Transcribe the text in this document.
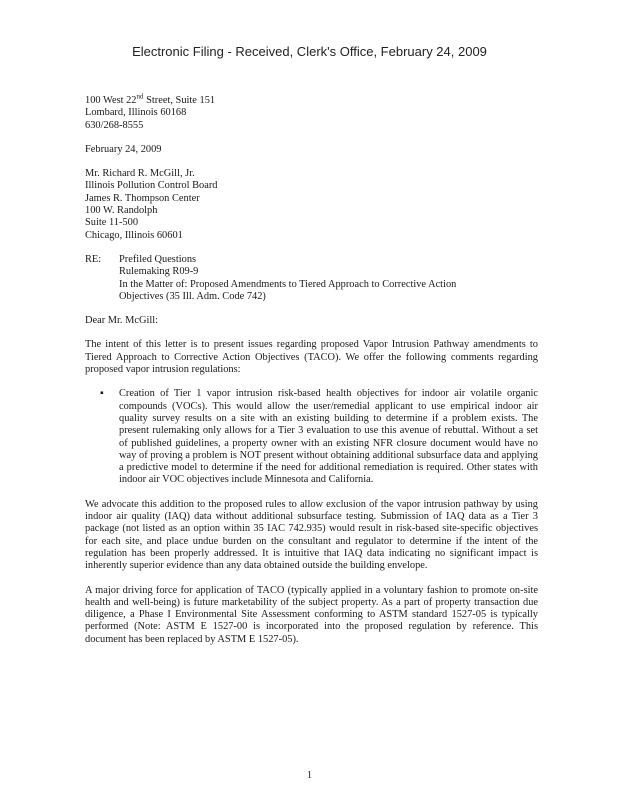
Electronic Filing - Received, Clerk's Office, February 24, 2009
100 West 22nd Street, Suite 151
Lombard, Illinois 60168
630/268-8555
February 24, 2009
Mr. Richard R. McGill, Jr.
Illinois Pollution Control Board
James R. Thompson Center
100 W. Randolph
Suite 11-500
Chicago, Illinois 60601
RE:	Prefiled Questions
Rulemaking R09-9
In the Matter of: Proposed Amendments to Tiered Approach to Corrective Action
Objectives (35 Ill. Adm. Code 742)
Dear Mr. McGill:
The intent of this letter is to present issues regarding proposed Vapor Intrusion Pathway amendments to Tiered Approach to Corrective Action Objectives (TACO). We offer the following comments regarding proposed vapor intrusion regulations:
▪ Creation of Tier 1 vapor intrusion risk-based health objectives for indoor air volatile organic compounds (VOCs). This would allow the user/remedial applicant to use empirical indoor air quality survey results on a site with an existing building to determine if a problem exists. The present rulemaking only allows for a Tier 3 evaluation to use this avenue of rebuttal. Without a set of published guidelines, a property owner with an existing NFR closure document would have no way of proving a problem is NOT present without obtaining additional subsurface data and applying a predictive model to determine if the need for additional remediation is required. Other states with indoor air VOC objectives include Minnesota and California.
We advocate this addition to the proposed rules to allow exclusion of the vapor intrusion pathway by using indoor air quality (IAQ) data without additional subsurface testing. Submission of IAQ data as a Tier 3 package (not listed as an option within 35 IAC 742.935) would result in risk-based site-specific objectives for each site, and place undue burden on the consultant and regulator to determine if the intent of the regulation has been properly addressed. It is intuitive that IAQ data indicating no significant impact is inherently superior evidence than any data obtained outside the building envelope.
A major driving force for application of TACO (typically applied in a voluntary fashion to promote on-site health and well-being) is future marketability of the subject property. As a part of property transaction due diligence, a Phase I Environmental Site Assessment conforming to ASTM standard 1527-05 is typically performed (Note: ASTM E 1527-00 is incorporated into the proposed regulation by reference. This document has been replaced by ASTM E 1527-05).
1
